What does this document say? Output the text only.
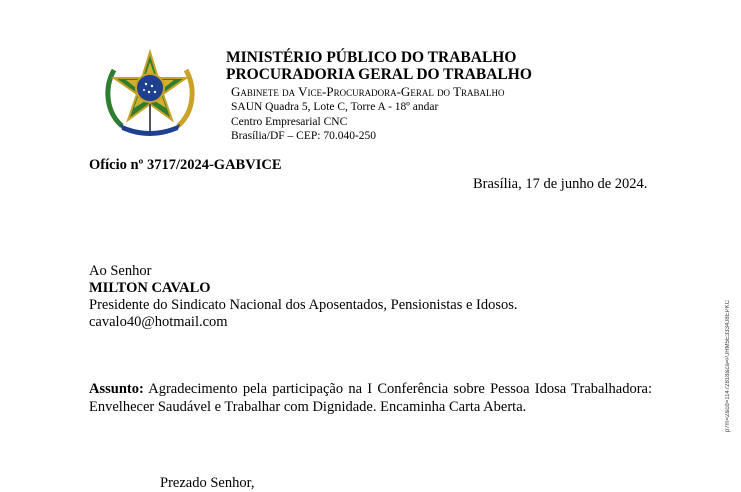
MINISTÉRIO PÚBLICO DO TRABALHO
PROCURADORIA GERAL DO TRABALHO
Gabinete da Vice-Procuradora-Geral do Trabalho
SAUN Quadra 5, Lote C, Torre A - 18º andar
Centro Empresarial CNC
Brasília/DF – CEP: 70.040-250
Ofício nº 3717/2024-GABVICE
Brasília, 17 de junho de 2024.
Ao Senhor
MILTON CAVALO
Presidente do Sindicato Nacional dos Aposentados, Pensionistas e Idosos.
cavalo40@hotmail.com
Assunto: Agradecimento pela participação na I Conferência sobre Pessoa Idosa Trabalhadora: Envelhecer Saudável e Trabalhar com Dignidade. Encaminha Carta Aberta.
Prezado Senhor,
p?m=2&cd=11472818&ca=PJHM5E3334J8EPKC
